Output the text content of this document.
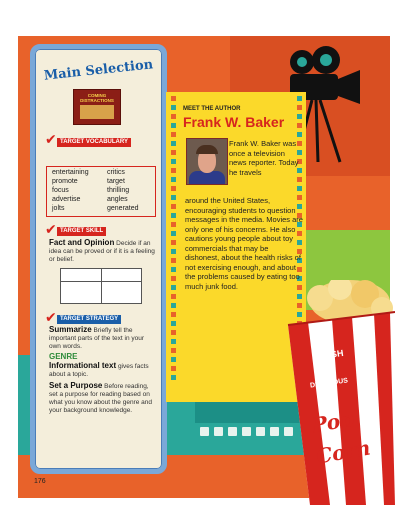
Main Selection
COMING DISTRACTIONS
✔ TARGET VOCABULARY
entertaining	critics
promote	target
focus	thrilling
advertise	angles
jolts	generated
✔ TARGET SKILL
Fact and Opinion Decide if an idea can be proved or if it is a feeling or belief.
✔ TARGET STRATEGY
Summarize Briefly tell the important parts of the text in your own words.
GENRE
Informational text gives facts about a topic.
Set a Purpose Before reading, set a purpose for reading based on what you know about the genre and your background knowledge.
MEET THE AUTHOR
Frank W. Baker
Frank W. Baker was once a television news reporter. Today he travels
around the United States, encouraging students to question messages in the media. Movies are only one of his concerns. He also cautions young people about toy commercials that may be dishonest, about the health risks of not exercising enough, and about the problems caused by eating too much junk food.
HOT
FRESH
DELICIOUS
Pop
Corn
176
